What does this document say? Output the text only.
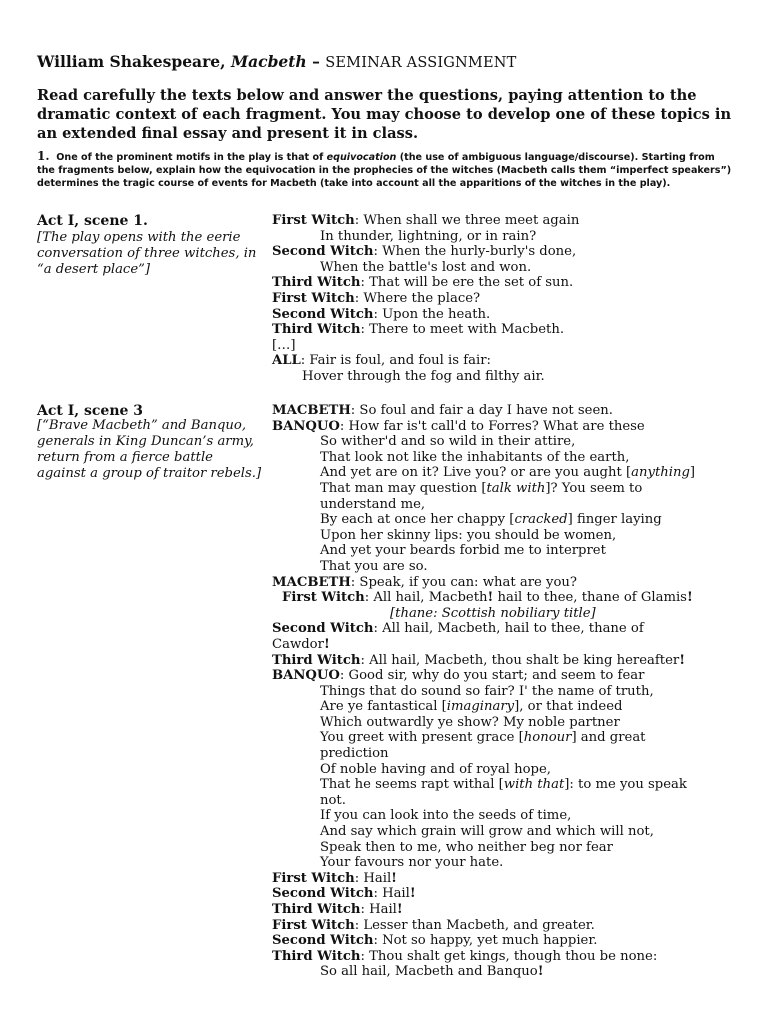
William Shakespeare, Macbeth – SEMINAR ASSIGNMENT
Read carefully the texts below and answer the questions, paying attention to the dramatic context of each fragment. You may choose to develop one of these topics in an extended final essay and present it in class.
1. One of the prominent motifs in the play is that of equivocation (the use of ambiguous language/discourse). Starting from the fragments below, explain how the equivocation in the prophecies of the witches (Macbeth calls them “imperfect speakers”) determines the tragic course of events for Macbeth (take into account all the apparitions of the witches in the play).
Act I, scene 1.
[The play opens with the eerie conversation of three witches, in “a desert place”]
First Witch: When shall we three meet again
In thunder, lightning, or in rain?
Second Witch: When the hurly-burly's done,
When the battle's lost and won.
Third Witch: That will be ere the set of sun.
First Witch: Where the place?
Second Witch: Upon the heath.
Third Witch: There to meet with Macbeth.
[…]
ALL: Fair is foul, and foul is fair:
Hover through the fog and filthy air.
Act I, scene 3
[“Brave Macbeth” and Banquo, generals in King Duncan’s army, return from a fierce battle against a group of traitor rebels.]
MACBETH: So foul and fair a day I have not seen.
BANQUO: How far is't call'd to Forres? What are these
So wither'd and so wild in their attire,
That look not like the inhabitants of the earth,
And yet are on it? Live you? or are you aught [anything]
That man may question [talk with]? You seem to
understand me,
By each at once her chappy [cracked] finger laying
Upon her skinny lips: you should be women,
And yet your beards forbid me to interpret
That you are so.
MACBETH: Speak, if you can: what are you?
First Witch: All hail, Macbeth! hail to thee, thane of Glamis!
[thane: Scottish nobiliary title]
Second Witch: All hail, Macbeth, hail to thee, thane of
Cawdor!
Third Witch: All hail, Macbeth, thou shalt be king hereafter!
BANQUO: Good sir, why do you start; and seem to fear
Things that do sound so fair? I' the name of truth,
Are ye fantastical [imaginary], or that indeed
Which outwardly ye show? My noble partner
You greet with present grace [honour] and great
prediction
Of noble having and of royal hope,
That he seems rapt withal [with that]: to me you speak
not.
If you can look into the seeds of time,
And say which grain will grow and which will not,
Speak then to me, who neither beg nor fear
Your favours nor your hate.
First Witch: Hail!
Second Witch: Hail!
Third Witch: Hail!
First Witch: Lesser than Macbeth, and greater.
Second Witch: Not so happy, yet much happier.
Third Witch: Thou shalt get kings, though thou be none:
So all hail, Macbeth and Banquo!
